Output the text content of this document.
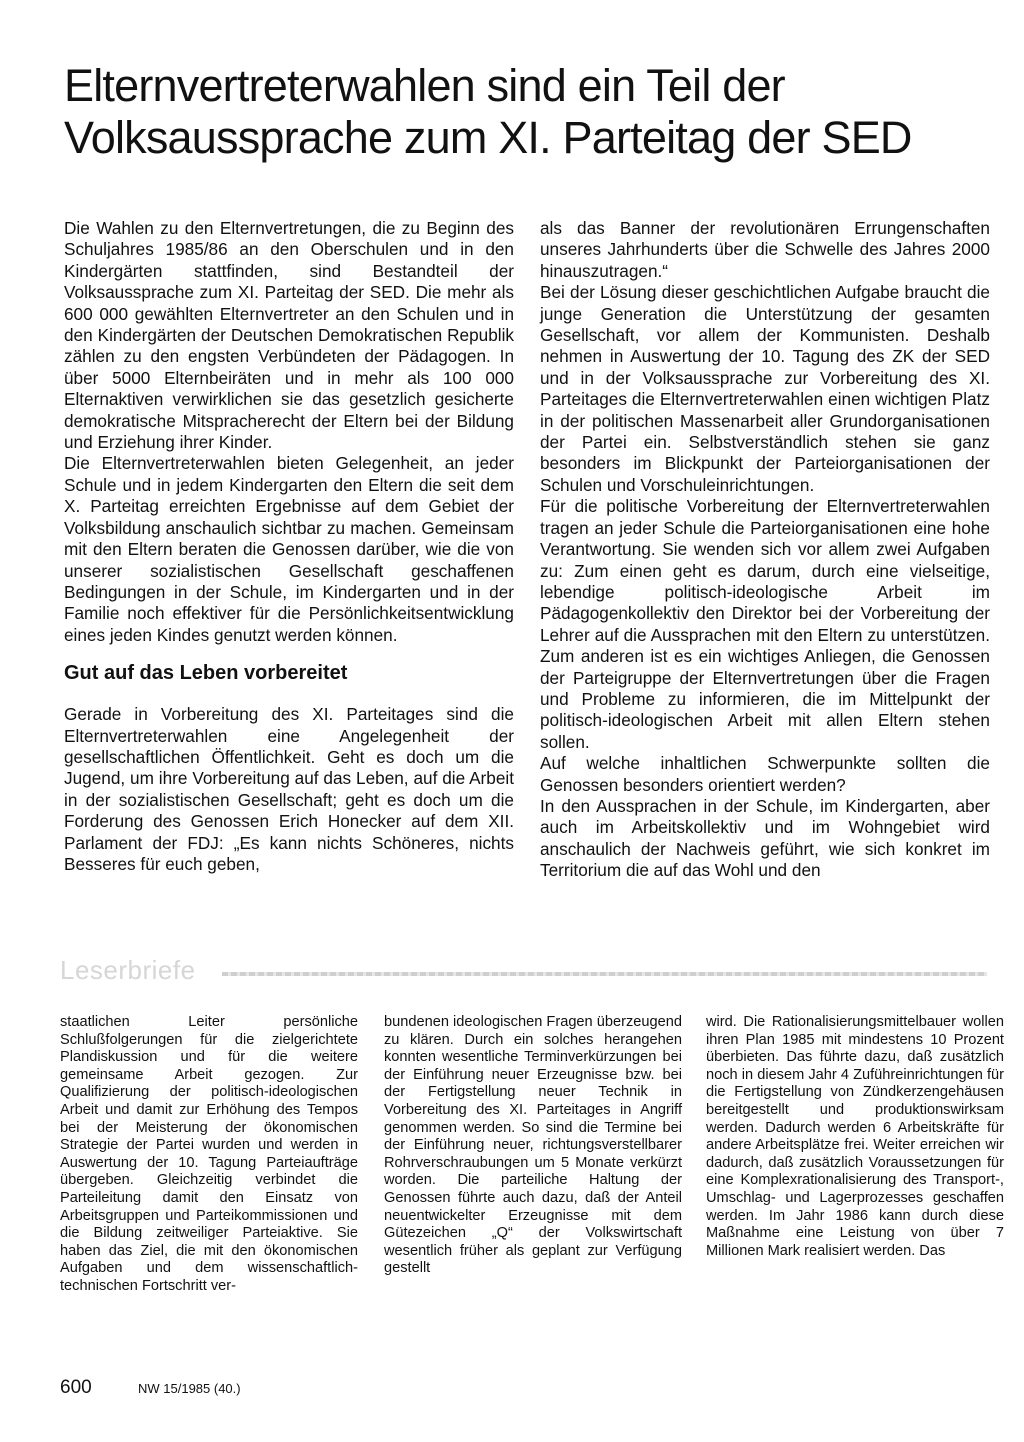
Elternvertreterwahlen sind ein Teil der
Volksaussprache zum XI. Parteitag der SED

Die Wahlen zu den Elternvertretungen, die zu Beginn des Schuljahres 1985/86 an den Oberschulen und in den Kindergärten stattfinden, sind Bestandteil der Volksaussprache zum XI. Parteitag der SED. Die mehr als 600 000 gewählten Elternvertreter an den Schulen und in den Kindergärten der Deutschen Demokratischen Republik zählen zu den engsten Verbündeten der Pädagogen. In über 5000 Elternbeiräten und in mehr als 100 000 Elternaktiven verwirklichen sie das gesetzlich gesicherte demokratische Mitspracherecht der Eltern bei der Bildung und Erziehung ihrer Kinder.

Die Elternvertreterwahlen bieten Gelegenheit, an jeder Schule und in jedem Kindergarten den Eltern die seit dem X. Parteitag erreichten Ergebnisse auf dem Gebiet der Volksbildung anschaulich sichtbar zu machen. Gemeinsam mit den Eltern beraten die Genossen darüber, wie die von unserer sozialistischen Gesellschaft geschaffenen Bedingungen in der Schule, im Kindergarten und in der Familie noch effektiver für die Persönlichkeitsentwicklung eines jeden Kindes genutzt werden können.

Gut auf das Leben vorbereitet

Gerade in Vorbereitung des XI. Parteitages sind die Elternvertreterwahlen eine Angelegenheit der gesellschaftlichen Öffentlichkeit. Geht es doch um die Jugend, um ihre Vorbereitung auf das Leben, auf die Arbeit in der sozialistischen Gesellschaft; geht es doch um die Forderung des Genossen Erich Honecker auf dem XII. Parlament der FDJ: „Es kann nichts Schöneres, nichts Besseres für euch geben,

als das Banner der revolutionären Errungenschaften unseres Jahrhunderts über die Schwelle des Jahres 2000 hinauszutragen.“

Bei der Lösung dieser geschichtlichen Aufgabe braucht die junge Generation die Unterstützung der gesamten Gesellschaft, vor allem der Kommunisten. Deshalb nehmen in Auswertung der 10. Tagung des ZK der SED und in der Volksaussprache zur Vorbereitung des XI. Parteitages die Elternvertreterwahlen einen wichtigen Platz in der politischen Massenarbeit aller Grundorganisationen der Partei ein. Selbstverständlich stehen sie ganz besonders im Blickpunkt der Parteiorganisationen der Schulen und Vorschuleinrichtungen.

Für die politische Vorbereitung der Elternvertreterwahlen tragen an jeder Schule die Parteiorganisationen eine hohe Verantwortung. Sie wenden sich vor allem zwei Aufgaben zu: Zum einen geht es darum, durch eine vielseitige, lebendige politisch-ideologische Arbeit im Pädagogenkollektiv den Direktor bei der Vorbereitung der Lehrer auf die Aussprachen mit den Eltern zu unterstützen. Zum anderen ist es ein wichtiges Anliegen, die Genossen der Parteigruppe der Elternvertretungen über die Fragen und Probleme zu informieren, die im Mittelpunkt der politisch-ideologischen Arbeit mit allen Eltern stehen sollen.

Auf welche inhaltlichen Schwerpunkte sollten die Genossen besonders orientiert werden?

In den Aussprachen in der Schule, im Kindergarten, aber auch im Arbeitskollektiv und im Wohngebiet wird anschaulich der Nachweis geführt, wie sich konkret im Territorium die auf das Wohl und den

Leserbriefe

staatlichen Leiter persönliche Schlußfolgerungen für die zielgerichtete Plandiskussion und für die weitere gemeinsame Arbeit gezogen. Zur Qualifizierung der politisch-ideologischen Arbeit und damit zur Erhöhung des Tempos bei der Meisterung der ökonomischen Strategie der Partei wurden und werden in Auswertung der 10. Tagung Parteiaufträge übergeben. Gleichzeitig verbindet die Parteileitung damit den Einsatz von Arbeitsgruppen und Parteikommissionen und die Bildung zeitweiliger Parteiaktive. Sie haben das Ziel, die mit den ökonomischen Aufgaben und dem wissenschaftlich-technischen Fortschritt ver-

bundenen ideologischen Fragen überzeugend zu klären. Durch ein solches herangehen konnten wesentliche Terminverkürzungen bei der Einführung neuer Erzeugnisse bzw. bei der Fertigstellung neuer Technik in Vorbereitung des XI. Parteitages in Angriff genommen werden. So sind die Termine bei der Einführung neuer, richtungsverstellbarer Rohrverschraubungen um 5 Monate verkürzt worden. Die parteiliche Haltung der Genossen führte auch dazu, daß der Anteil neuentwickelter Erzeugnisse mit dem Gütezeichen „Q“ der Volkswirtschaft wesentlich früher als geplant zur Verfügung gestellt

wird. Die Rationalisierungsmittelbauer wollen ihren Plan 1985 mit mindestens 10 Prozent überbieten. Das führte dazu, daß zusätzlich noch in diesem Jahr 4 Zuführeinrichtungen für die Fertigstellung von Zündkerzengehäusen bereitgestellt und produktionswirksam werden. Dadurch werden 6 Arbeitskräfte für andere Arbeitsplätze frei. Weiter erreichen wir dadurch, daß zusätzlich Voraussetzungen für eine Komplexrationalisierung des Transport-, Umschlag- und Lagerprozesses geschaffen werden. Im Jahr 1986 kann durch diese Maßnahme eine Leistung von über 7 Millionen Mark realisiert werden. Das

600	NW 15/1985 (40.)
